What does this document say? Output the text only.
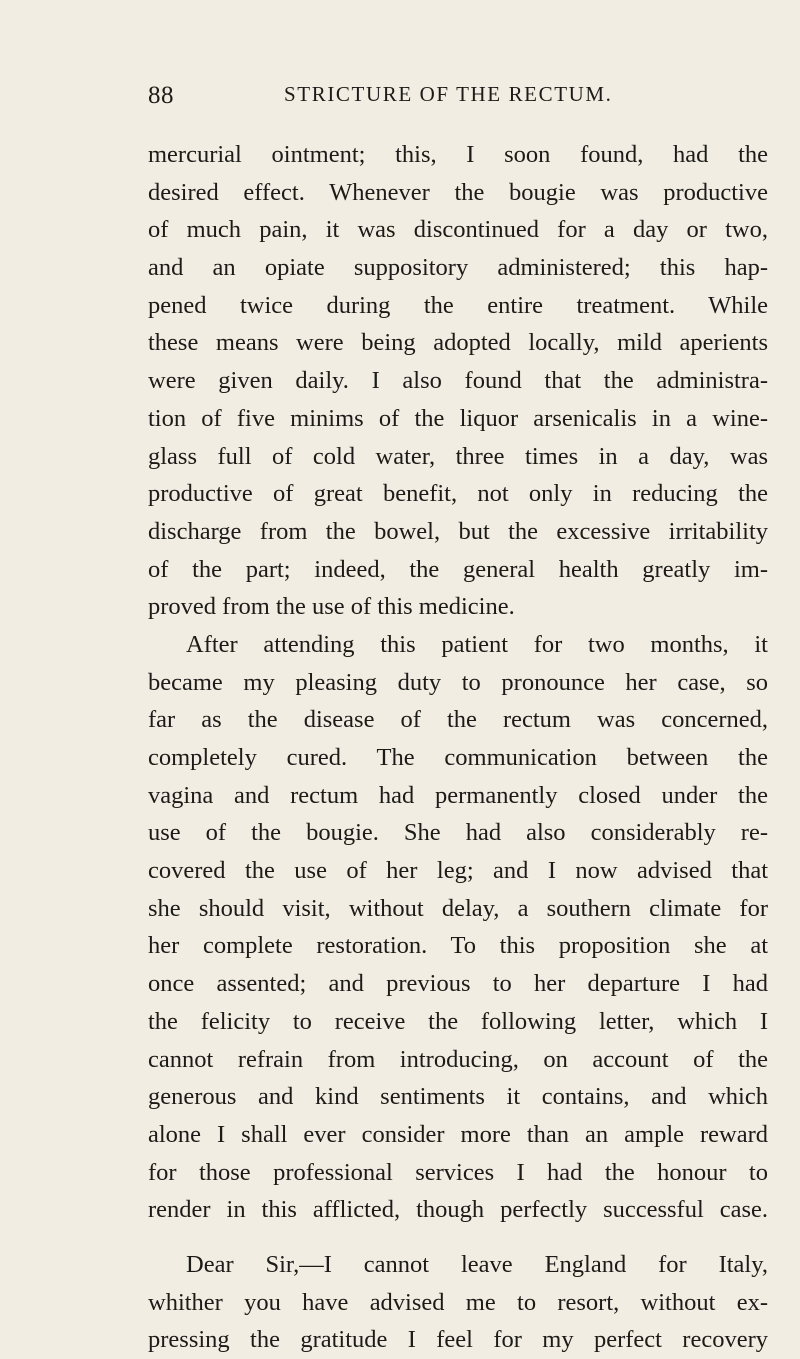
88	STRICTURE OF THE RECTUM.
mercurial ointment; this, I soon found, had the
desired effect. Whenever the bougie was productive
of much pain, it was discontinued for a day or two,
and an opiate suppository administered; this hap-
pened twice during the entire treatment. While
these means were being adopted locally, mild aperients
were given daily. I also found that the administra-
tion of five minims of the liquor arsenicalis in a wine-
glass full of cold water, three times in a day, was
productive of great benefit, not only in reducing the
discharge from the bowel, but the excessive irritability
of the part; indeed, the general health greatly im-
proved from the use of this medicine.
After attending this patient for two months, it
became my pleasing duty to pronounce her case, so
far as the disease of the rectum was concerned,
completely cured. The communication between the
vagina and rectum had permanently closed under the
use of the bougie. She had also considerably re-
covered the use of her leg; and I now advised that
she should visit, without delay, a southern climate for
her complete restoration. To this proposition she at
once assented; and previous to her departure I had
the felicity to receive the following letter, which I
cannot refrain from introducing, on account of the
generous and kind sentiments it contains, and which
alone I shall ever consider more than an ample reward
for those professional services I had the honour to
render in this afflicted, though perfectly successful case.
Dear Sir,—I cannot leave England for Italy,
whither you have advised me to resort, without ex-
pressing the gratitude I feel for my perfect recovery
